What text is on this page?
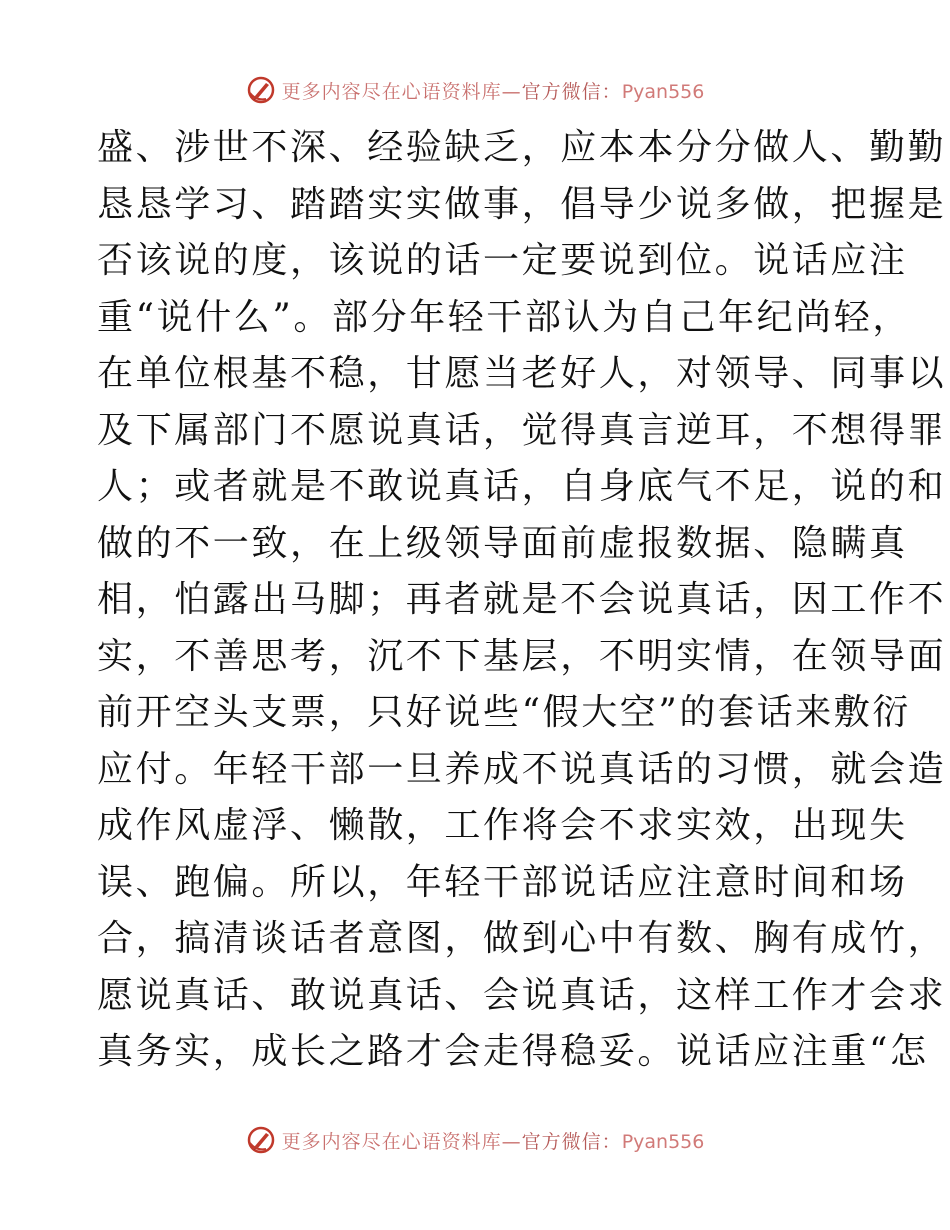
更多内容尽在心语资料库—官方微信：Pyan556
盛、涉世不深、经验缺乏，应本本分分做人、勤勤
恳恳学习、踏踏实实做事，倡导少说多做，把握是
否该说的度，该说的话一定要说到位。说话应注
重“说什么”。部分年轻干部认为自己年纪尚轻，
在单位根基不稳，甘愿当老好人，对领导、同事以
及下属部门不愿说真话，觉得真言逆耳，不想得罪
人；或者就是不敢说真话，自身底气不足，说的和
做的不一致，在上级领导面前虚报数据、隐瞒真
相，怕露出马脚；再者就是不会说真话，因工作不
实，不善思考，沉不下基层，不明实情，在领导面
前开空头支票，只好说些“假大空”的套话来敷衍
应付。年轻干部一旦养成不说真话的习惯，就会造
成作风虚浮、懒散，工作将会不求实效，出现失
误、跑偏。所以，年轻干部说话应注意时间和场
合，搞清谈话者意图，做到心中有数、胸有成竹，
愿说真话、敢说真话、会说真话，这样工作才会求
真务实，成长之路才会走得稳妥。说话应注重“怎
更多内容尽在心语资料库—官方微信：Pyan556
